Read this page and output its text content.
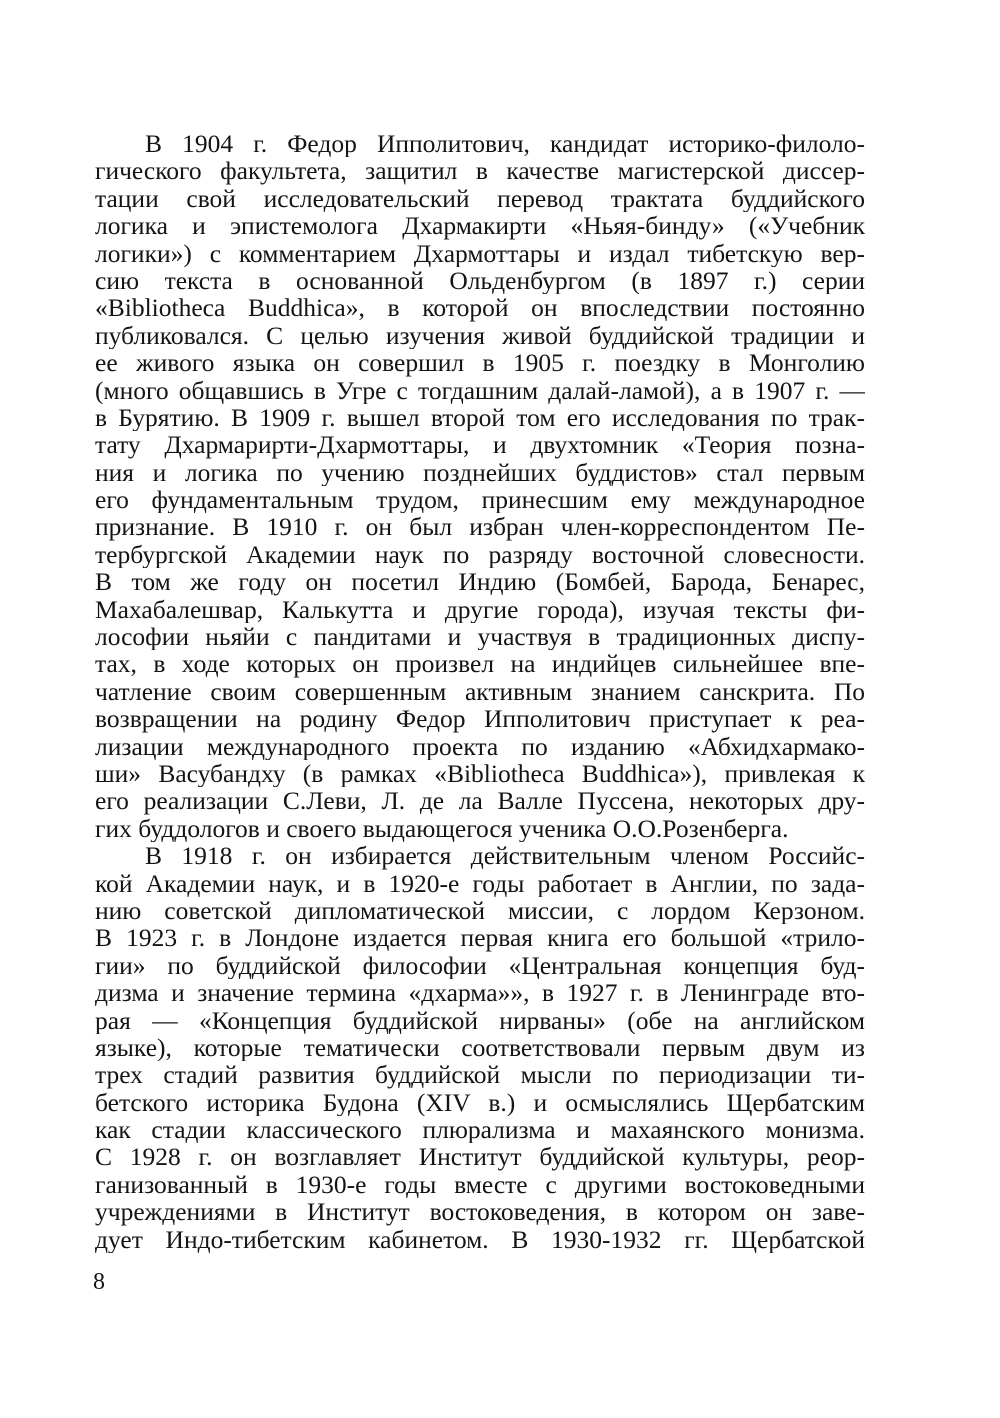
В 1904 г. Федор Ипполитович, кандидат историко-филоло-
гического факультета, защитил в качестве магистерской диссер-
тации свой исследовательский перевод трактата буддийского
логика и эпистемолога Дхармакирти «Ньяя-бинду» («Учебник
логики») с комментарием Дхармоттары и издал тибетскую вер-
сию текста в основанной Ольденбургом (в 1897 г.) серии
«Bibliotheca Buddhica», в которой он впоследствии постоянно
публиковался. С целью изучения живой буддийской традиции и
ее живого языка он совершил в 1905 г. поездку в Монголию
(много общавшись в Угре с тогдашним далай-ламой), а в 1907 г. —
в Бурятию. В 1909 г. вышел второй том его исследования по трак-
тату Дхармарирти-Дхармоттары, и двухтомник «Теория позна-
ния и логика по учению позднейших буддистов» стал первым
его фундаментальным трудом, принесшим ему международное
признание. В 1910 г. он был избран член-корреспондентом Пе-
тербургской Академии наук по разряду восточной словесности.
В том же году он посетил Индию (Бомбей, Барода, Бенарес,
Махабалешвар, Калькутта и другие города), изучая тексты фи-
лософии ньяйи с пандитами и участвуя в традиционных диспу-
тах, в ходе которых он произвел на индийцев сильнейшее впе-
чатление своим совершенным активным знанием санскрита. По
возвращении на родину Федор Ипполитович приступает к реа-
лизации международного проекта по изданию «Абхидхармако-
ши» Васубандху (в рамках «Bibliotheca Buddhica»), привлекая к
его реализации С.Леви, Л. де ла Валле Пуссена, некоторых дру-
гих буддологов и своего выдающегося ученика О.О.Розенберга.
В 1918 г. он избирается действительным членом Российс-
кой Академии наук, и в 1920-е годы работает в Англии, по зада-
нию советской дипломатической миссии, с лордом Керзоном.
В 1923 г. в Лондоне издается первая книга его большой «трило-
гии» по буддийской философии «Центральная концепция буд-
дизма и значение термина «дхарма»», в 1927 г. в Ленинграде вто-
рая — «Концепция буддийской нирваны» (обе на английском
языке), которые тематически соответствовали первым двум из
трех стадий развития буддийской мысли по периодизации ти-
бетского историка Будона (XIV в.) и осмыслялись Щербатским
как стадии классического плюрализма и махаянского монизма.
С 1928 г. он возглавляет Институт буддийской культуры, реор-
ганизованный в 1930-е годы вместе с другими востоковедными
учреждениями в Институт востоковедения, в котором он заве-
дует Индо-тибетским кабинетом. В 1930-1932 гг. Щербатской
8
